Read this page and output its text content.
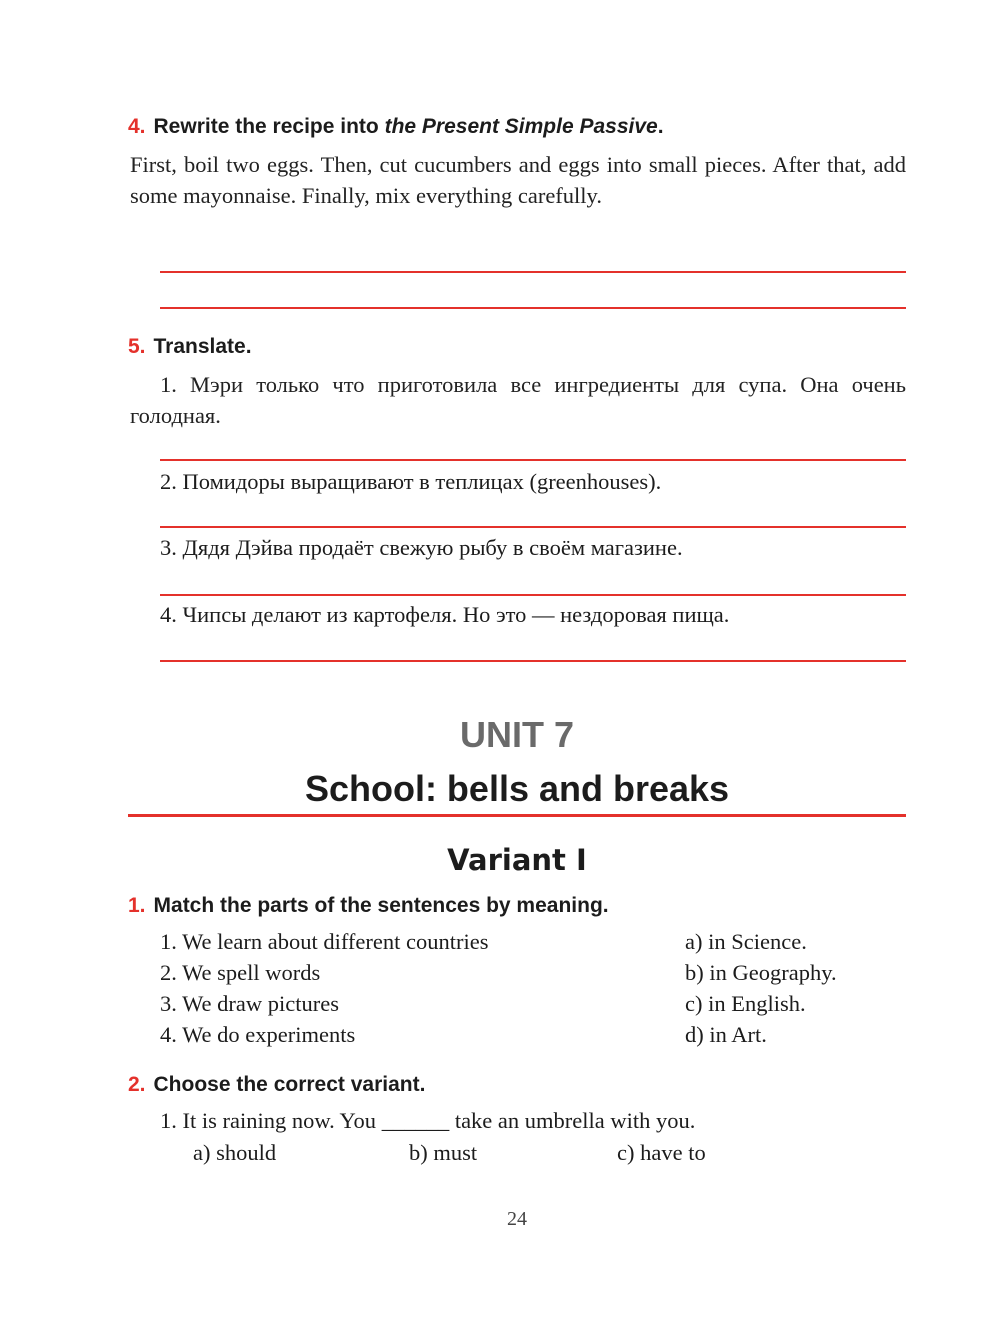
4. Rewrite the recipe into the Present Simple Passive.
First, boil two eggs. Then, cut cucumbers and eggs into small pieces. After that, add some mayonnaise. Finally, mix everything carefully.
5. Translate.
1. Мэри только что приготовила все ингредиенты для супа. Она очень голодная.
2. Помидоры выращивают в теплицах (greenhouses).
3. Дядя Дэйва продаёт свежую рыбу в своём магазине.
4. Чипсы делают из картофеля. Но это — нездоровая пища.
UNIT 7
School: bells and breaks
Variant I
1. Match the parts of the sentences by meaning.
1. We learn about different countries
2. We spell words
3. We draw pictures
4. We do experiments
a) in Science.
b) in Geography.
c) in English.
d) in Art.
2. Choose the correct variant.
1. It is raining now. You ______ take an umbrella with you.
a) should	b) must	c) have to
24
